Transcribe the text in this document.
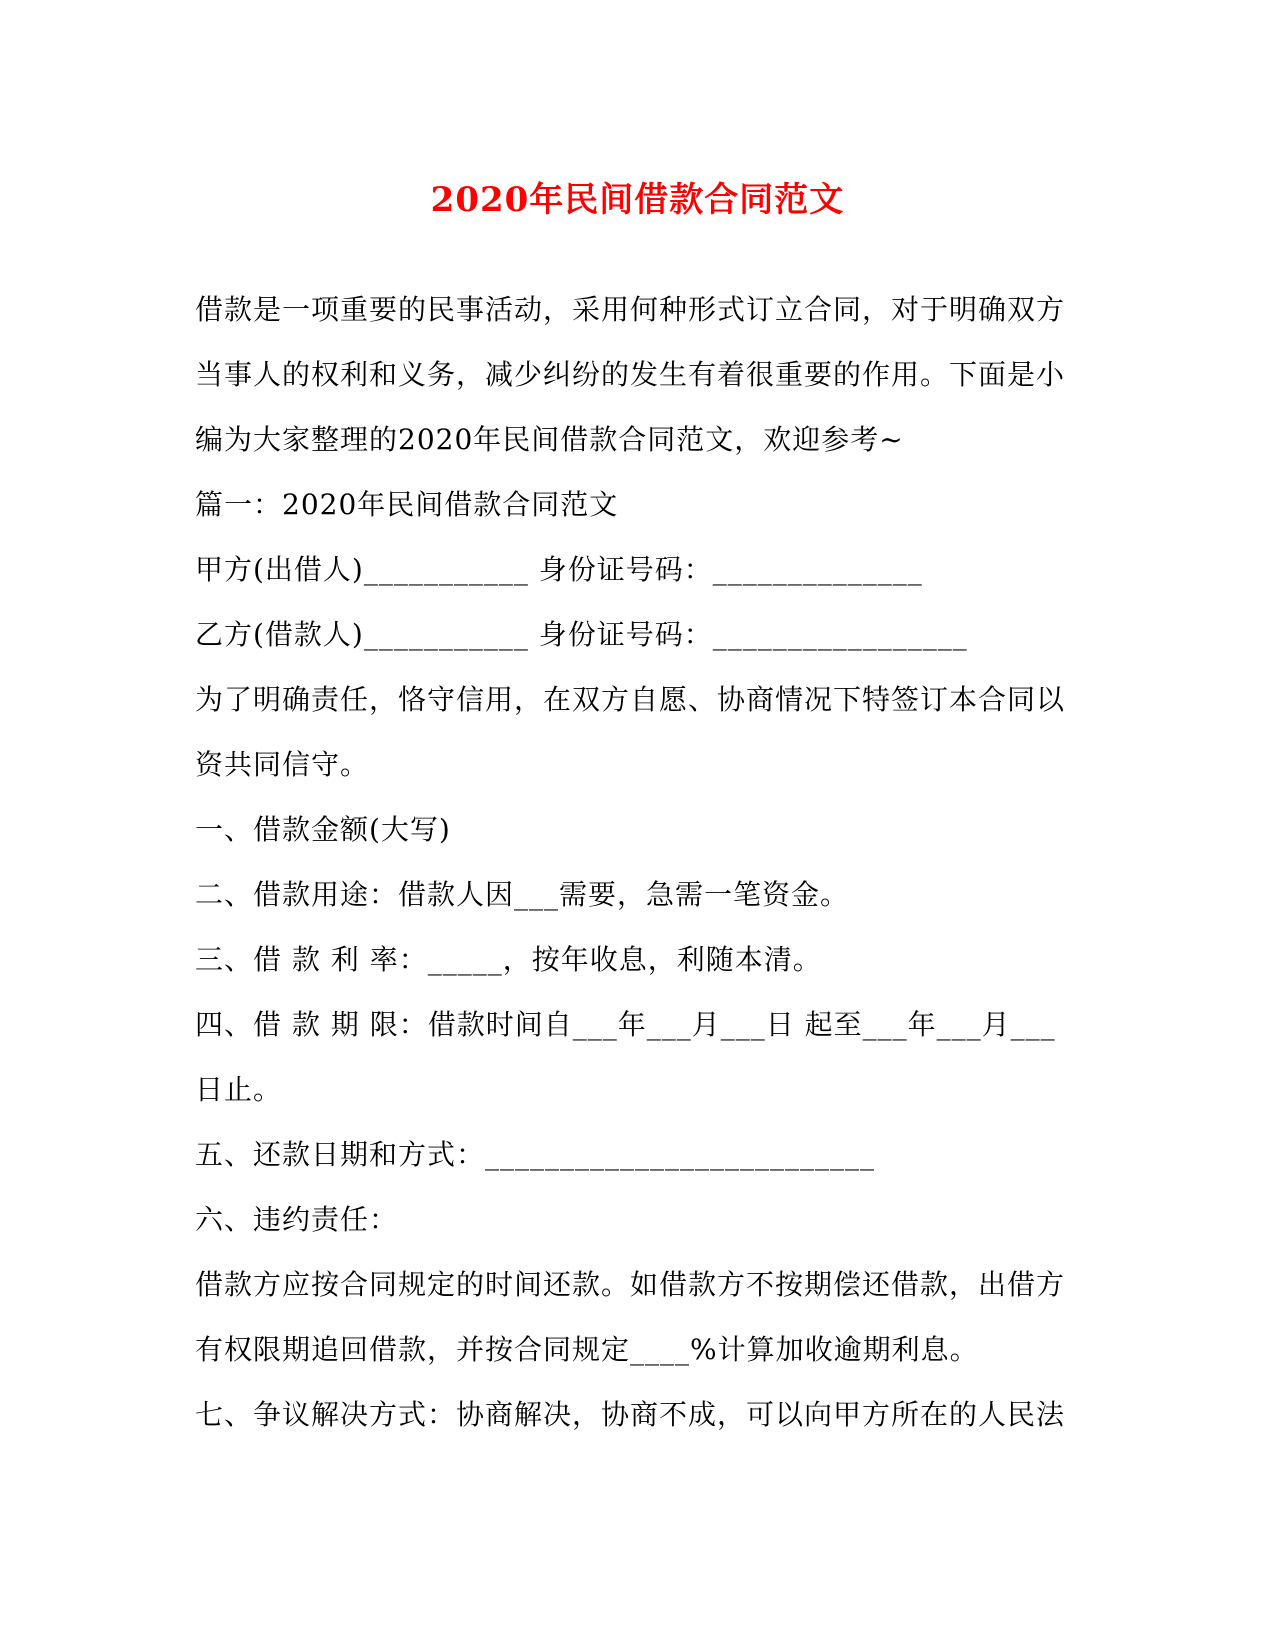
2020年民间借款合同范文
借款是一项重要的民事活动，采用何种形式订立合同，对于明确双方
当事人的权利和义务，减少纠纷的发生有着很重要的作用。下面是小
编为大家整理的2020年民间借款合同范文，欢迎参考~
篇一：2020年民间借款合同范文
甲方(出借人)___________ 身份证号码：______________
乙方(借款人)___________ 身份证号码：_________________
为了明确责任，恪守信用，在双方自愿、协商情况下特签订本合同以
资共同信守。
一、借款金额(大写)
二、借款用途：借款人因___需要，急需一笔资金。
三、借 款 利 率：_____，按年收息，利随本清。
四、借 款 期 限：借款时间自___年___月___日 起至___年___月___
日止。
五、还款日期和方式：__________________________
六、违约责任：
借款方应按合同规定的时间还款。如借款方不按期偿还借款，出借方
有权限期追回借款，并按合同规定____%计算加收逾期利息。
七、争议解决方式：协商解决，协商不成，可以向甲方所在的人民法
